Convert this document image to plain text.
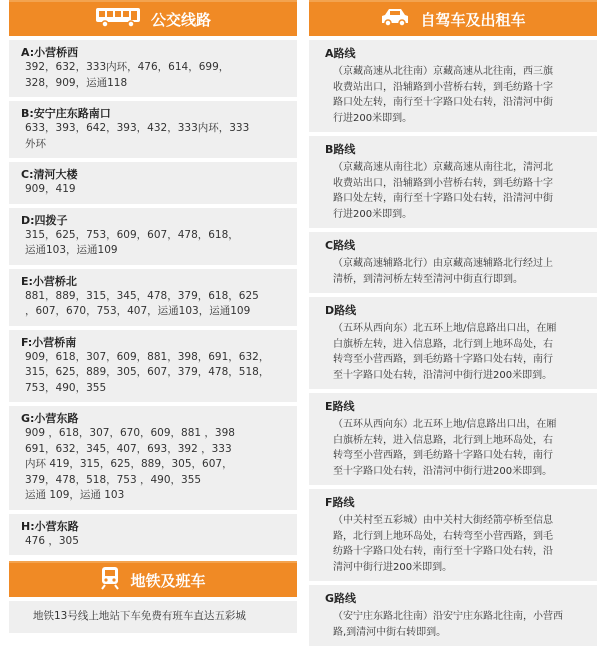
公交线路
A:小营桥西
392，632，333内环，476，614，699，
328，909，运通118
B:安宁庄东路南口
633，393，642，393，432，333内环，333
外环
C:清河大楼
909，419
D:四拨子
315，625，753，609，607，478，618，
运通103，运通109
E:小营桥北
881，889，315，345，478，379，618，625
，607，670，753，407，运通103，运通109
F:小营桥南
909，618，307，609，881，398，691，632，
315，625，889，305，607，379，478，518，
753，490，355
G:小营东路
909 ，618，307，670，609，881 ，398
691，632，345，407，693，392 ，333
内环 419，315，625，889，305，607，
379，478，518，753 ，490，355
运通 109，运通 103
H:小营东路
476 ，305
地铁及班车
地铁13号线上地站下车免费有班车直达五彩城
自驾车及出租车
A路线
（京藏高速从北往南）京藏高速从北往南，西三旗
收费站出口，沿辅路到小营桥右转，到毛纺路十字
路口处左转，南行至十字路口处右转，沿清河中街
行进200米即到。
B路线
（京藏高速从南往北）京藏高速从南往北，清河北
收费站出口，沿辅路到小营桥右转，到毛纺路十字
路口处左转，南行至十字路口处右转，沿清河中街
行进200米即到。
C路线
（京藏高速辅路北行）由京藏高速辅路北行经过上
清桥，到清河桥左转至清河中街直行即到。
D路线
（五环从西向东）北五环上地/信息路出口出，在厢
白旗桥左转，进入信息路，北行到上地环岛处，右
转弯至小营西路，到毛纺路十字路口处右转，南行
至十字路口处右转，沿清河中街行进200米即到。
E路线
（五环从西向东）北五环上地/信息路出口出，在厢
白旗桥左转，进入信息路，北行到上地环岛处，右
转弯至小营西路，到毛纺路十字路口处右转，南行
至十字路口处右转，沿清河中街行进200米即到。
F路线
（中关村至五彩城）由中关村大街经箭亭桥至信息
路，北行到上地环岛处，右转弯至小营西路，到毛
纺路十字路口处右转，南行至十字路口处右转，沿
清河中街行进200米即到。
G路线
（安宁庄东路北往南）沿安宁庄东路北往南，小营西
路,到清河中街右转即到。
